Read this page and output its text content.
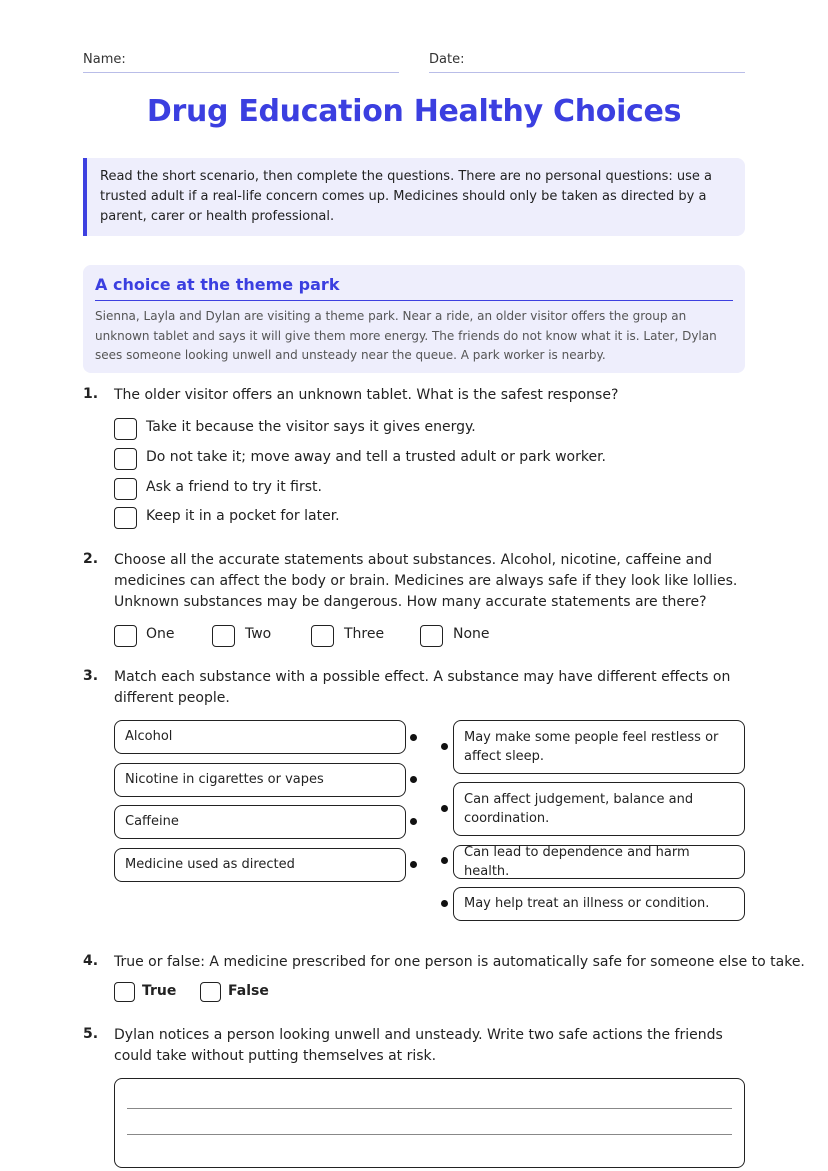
Name:	Date:
Drug Education Healthy Choices
Read the short scenario, then complete the questions. There are no personal questions: use a trusted adult if a real-life concern comes up. Medicines should only be taken as directed by a parent, carer or health professional.
A choice at the theme park

Sienna, Layla and Dylan are visiting a theme park. Near a ride, an older visitor offers the group an unknown tablet and says it will give them more energy. The friends do not know what it is. Later, Dylan sees someone looking unwell and unsteady near the queue. A park worker is nearby.

1. The older visitor offers an unknown tablet. What is the safest response?
Take it because the visitor says it gives energy.
Do not take it; move away and tell a trusted adult or park worker.
Ask a friend to try it first.
Keep it in a pocket for later.
2. Choose all the accurate statements about substances. Alcohol, nicotine, caffeine and medicines can affect the body or brain. Medicines are always safe if they look like lollies. Unknown substances may be dangerous. How many accurate statements are there?
One	Two	Three	None
3. Match each substance with a possible effect. A substance may have different effects on different people.
Alcohol
Nicotine in cigarettes or vapes
Caffeine
Medicine used as directed
May make some people feel restless or affect sleep.
Can affect judgement, balance and coordination.
Can lead to dependence and harm health.
May help treat an illness or condition.
4. True or false: A medicine prescribed for one person is automatically safe for someone else to take.
True	False
5. Dylan notices a person looking unwell and unsteady. Write two safe actions the friends could take without putting themselves at risk.
